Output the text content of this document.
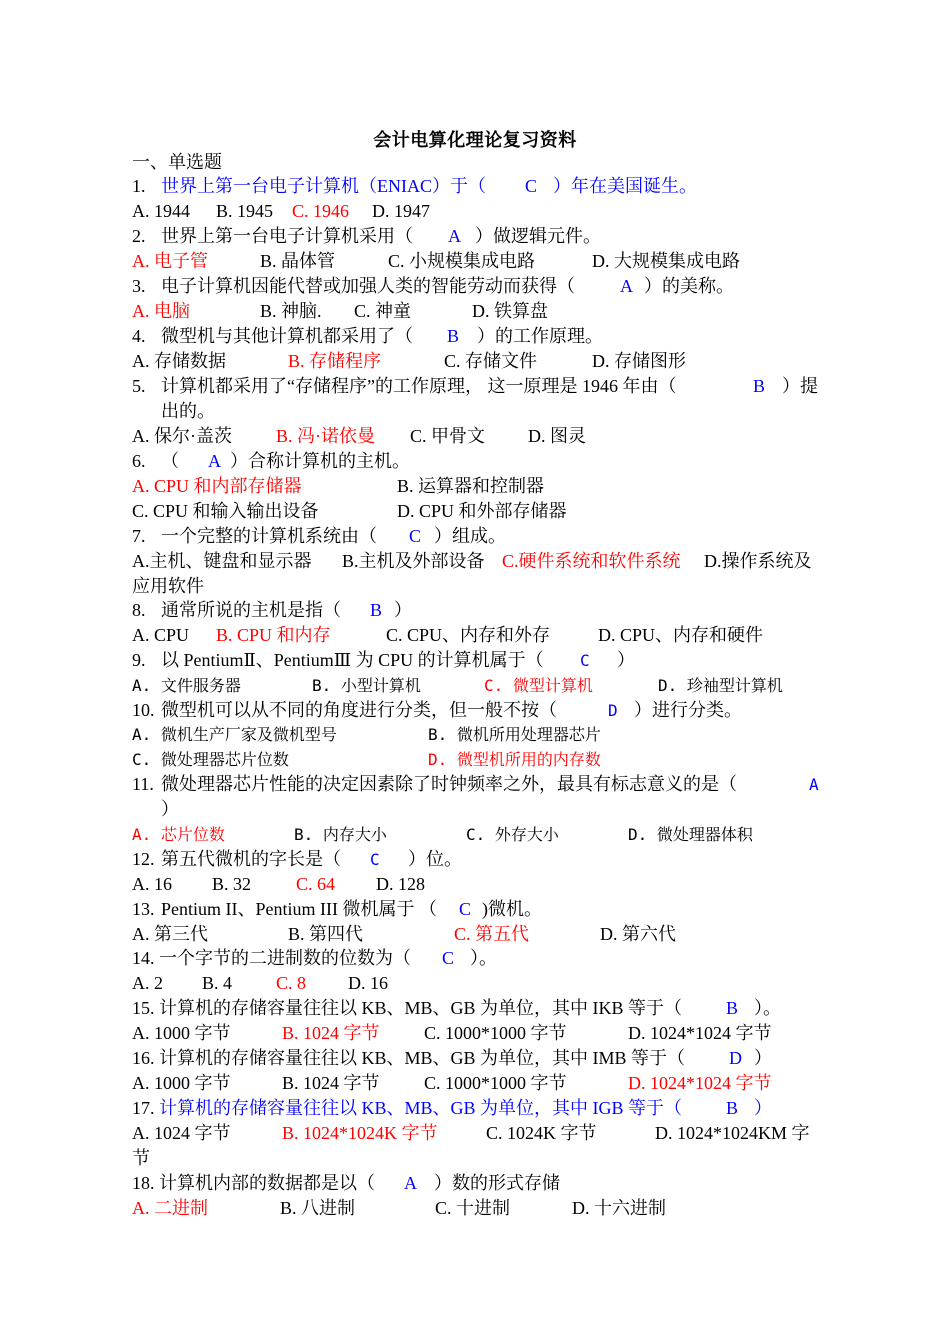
会计电算化理论复习资料
一、单选题
1. 世界上第一台电子计算机（ENIAC）于（ C ）年在美国诞生。
A. 1944 B. 1945 C. 1946 D. 1947
2. 世界上第一台电子计算机采用（ A ）做逻辑元件。
A. 电子管	B. 晶体管	C. 小规模集成电路	D. 大规模集成电路
3. 电子计算机因能代替或加强人类的智能劳动而获得（	A ）的美称。
A. 电脑	B. 神脑. C. 神童	D. 铁算盘
4. 微型机与其他计算机都采用了（ B ）的工作原理。
A. 存储数据	B. 存储程序	C. 存储文件	D. 存储图形
5. 计算机都采用了“存储程序”的工作原理， 这一原理是 1946 年由（	B ）提
出的。
A. 保尔·盖茨 B. 冯·诺依曼 C. 甲骨文 D. 图灵
6. （ A ）合称计算机的主机。
A. CPU 和内部存储器	B. 运算器和控制器
C. CPU 和输入输出设备	D. CPU 和外部存储器
7. 一个完整的计算机系统由（ C ）组成。
A.主机、键盘和显示器 B.主机及外部设备 C.硬件系统和软件系统 D.操作系统及
应用软件
8. 通常所说的主机是指（ B ）
A. CPU B. CPU 和内存	C. CPU、内存和外存	D. CPU、内存和硬件
9. 以 PentiumⅡ、PentiumⅢ 为 CPU 的计算机属于（ C ）
A. 文件服务器	B. 小型计算机	C. 微型计算机	D. 珍袖型计算机
10. 微型机可以从不同的角度进行分类，但一般不按（	D ）进行分类。
A. 微机生产厂家及微机型号	B. 微机所用处理器芯片
C. 微处理器芯片位数	D. 微型机所用的内存数
11. 微处理器芯片性能的决定因素除了时钟频率之外，最具有标志意义的是（	A
）
A. 芯片位数	B. 内存大小	C. 外存大小	D. 微处理器体积
12. 第五代微机的字长是（ C ）位。
A. 16 B. 32 C. 64 D. 128
13. Pentium II、Pentium III 微机属于 （ C )微机。
A. 第三代	B. 第四代	C. 第五代	D. 第六代
14. 一个字节的二进制数的位数为（ C ）。
A. 2 B. 4 C. 8 D. 16
15. 计算机的存储容量往往以 KB、MB、GB 为单位，其中 IKB 等于（ B ）。
A. 1000 字节	B. 1024 字节 C. 1000*1000 字节	D. 1024*1024 字节
16. 计算机的存储容量往往以 KB、MB、GB 为单位，其中 IMB 等于（ D ）
A. 1000 字节	B. 1024 字节 C. 1000*1000 字节	D. 1024*1024 字节
17. 计算机的存储容量往往以 KB、MB、GB 为单位，其中 IGB 等于（ B ）
A. 1024 字节	B. 1024*1024K 字节	C. 1024K 字节	D. 1024*1024KM 字
节
18. 计算机内部的数据都是以（ A ）数的形式存储
A. 二进制	B. 八进制	C. 十进制	D. 十六进制
